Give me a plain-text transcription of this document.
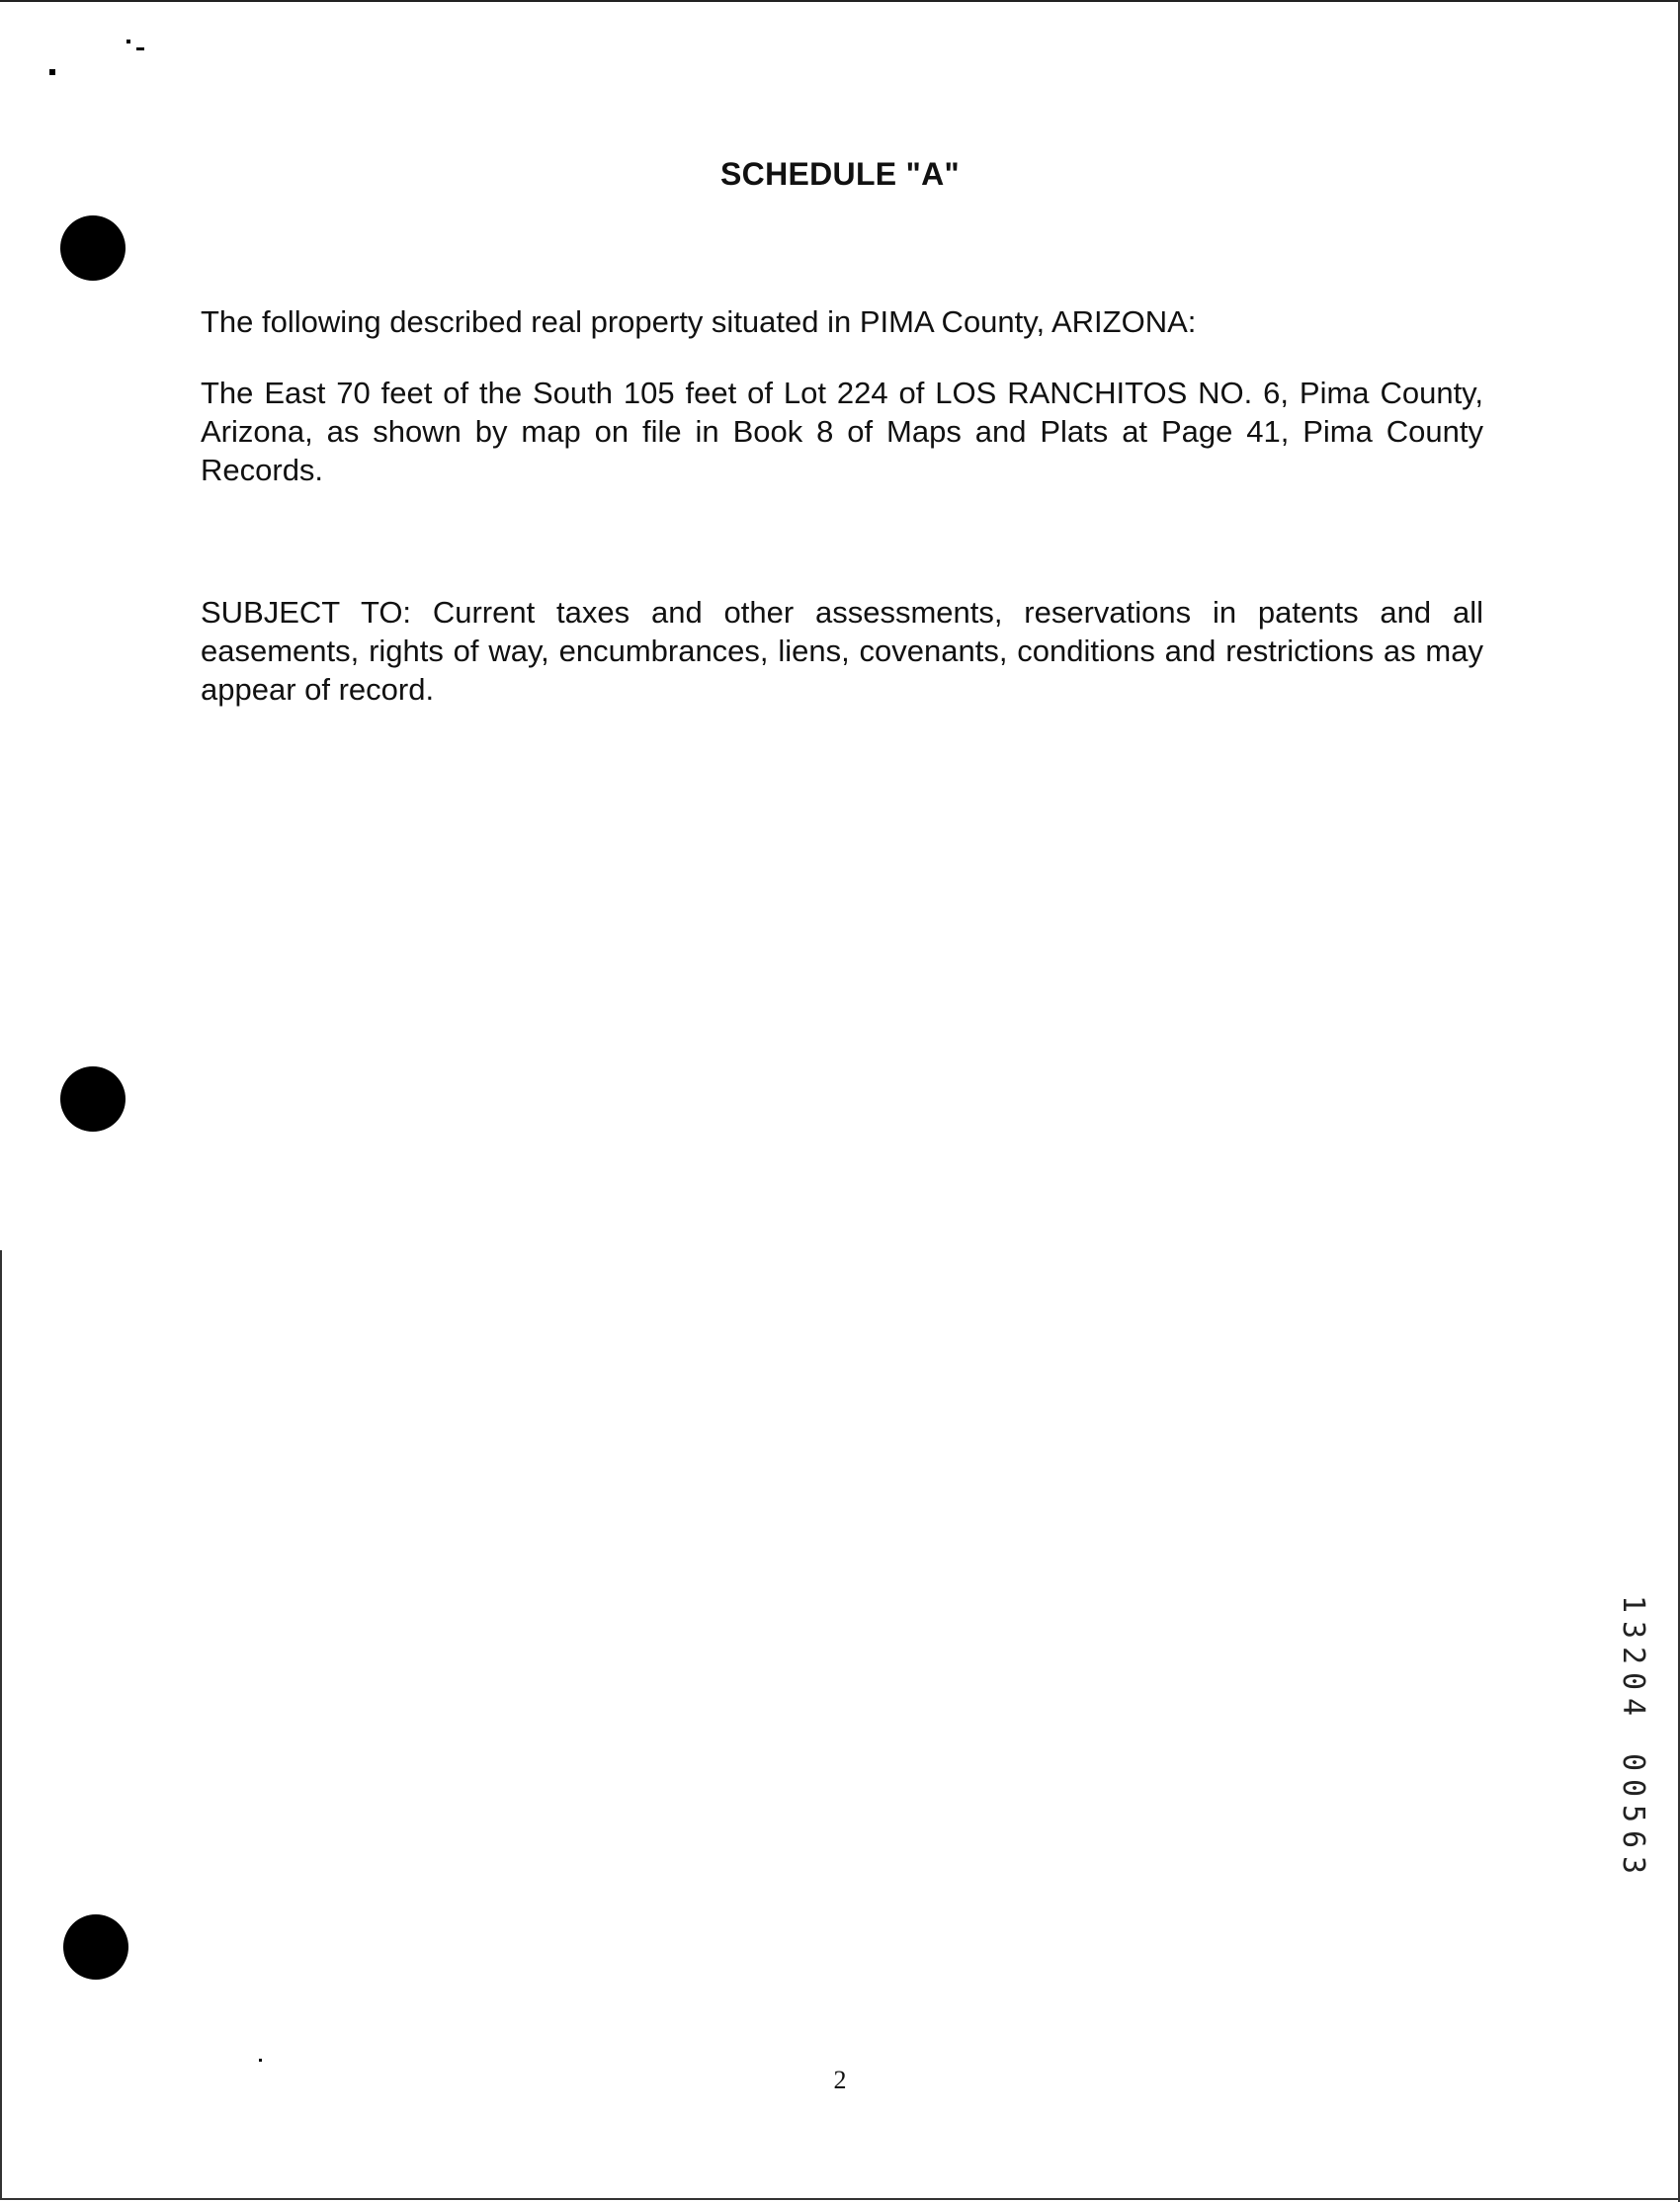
SCHEDULE "A"

The following described real property situated in PIMA County, ARIZONA:

The East 70 feet of the South 105 feet of Lot 224 of LOS RANCHITOS NO. 6, Pima County, Arizona, as shown by map on file in Book 8 of Maps and Plats at Page 41, Pima County Records.

SUBJECT TO: Current taxes and other assessments, reservations in patents and all easements, rights of way, encumbrances, liens, covenants, conditions and restrictions as may appear of record.

2
1
3
2
0
4
0
0
5
6
3
